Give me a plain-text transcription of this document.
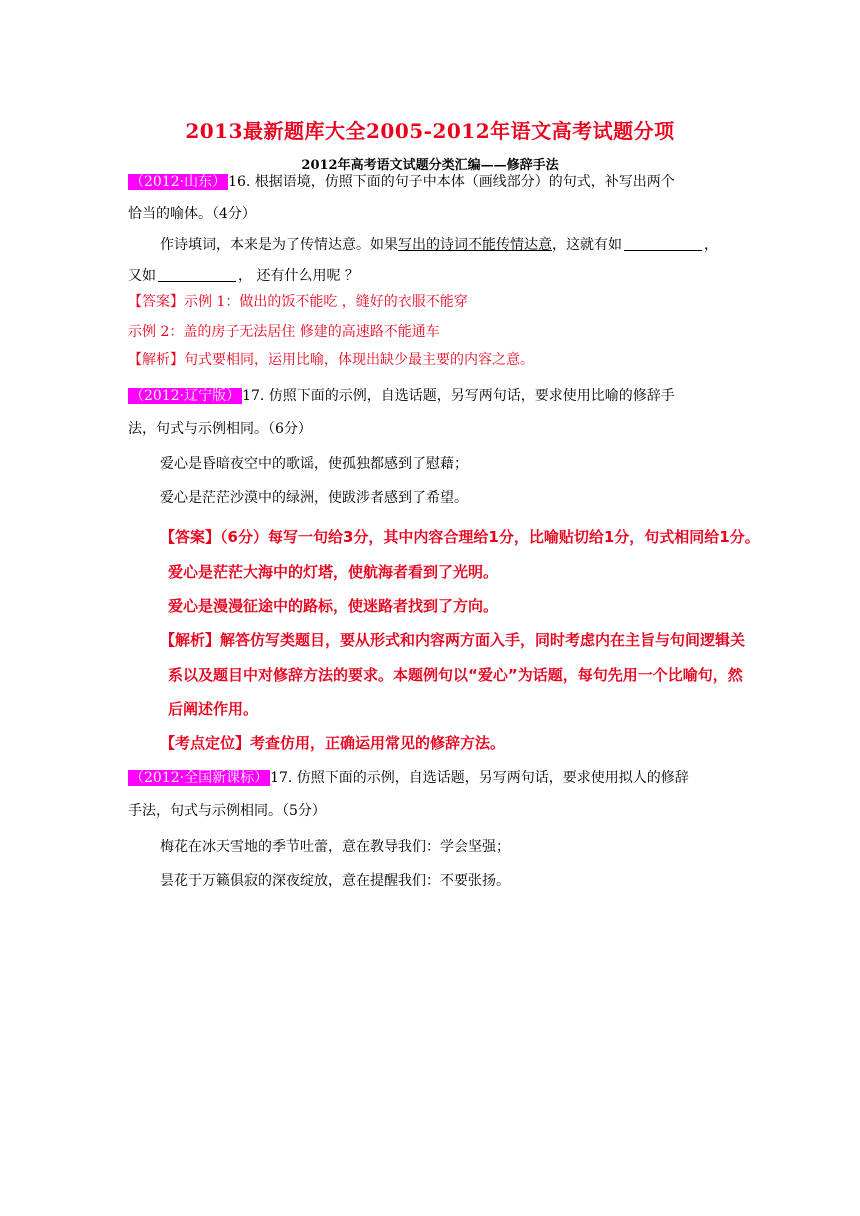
2013最新题库大全2005-2012年语文高考试题分项
2012年高考语文试题分类汇编——修辞手法
（2012·山东） 16. 根据语境，仿照下面的句子中本体（画线部分）的句式，补写出两个
恰当的喻体。（4分）
作诗填词，本来是为了传情达意。如果写出的诗词不能传情达意，这就有如	，
又如	， 还有什么用呢 ？
【答案】示例 1：做出的饭不能吃 ，缝好的衣服不能穿
示例 2：盖的房子无法居住 修建的高速路不能通车
【解析】句式要相同，运用比喻，体现出缺少最主要的内容之意。
（2012·辽宁版） 17. 仿照下面的示例，自选话题，另写两句话，要求使用比喻的修辞手
法，句式与示例相同。（6分）
爱心是昏暗夜空中的歌谣，使孤独都感到了慰藉；
爱心是茫茫沙漠中的绿洲，使跋涉者感到了希望。
【答案】（6分）每写一句给3分，其中内容合理给1分，比喻贴切给1分，句式相同给1分。
爱心是茫茫大海中的灯塔，使航海者看到了光明。
爱心是漫漫征途中的路标，使迷路者找到了方向。
【解析】解答仿写类题目，要从形式和内容两方面入手，同时考虑内在主旨与句间逻辑关
系以及题目中对修辞方法的要求。本题例句以“爱心”为话题，每句先用一个比喻句，然
后阐述作用。
【考点定位】考查仿用，正确运用常见的修辞方法。
（2012·全国新课标） 17. 仿照下面的示例，自选话题，另写两句话，要求使用拟人的修辞
手法，句式与示例相同。（5分）
梅花在冰天雪地的季节吐蕾，意在教导我们：学会坚强；
昙花于万籁俱寂的深夜绽放，意在提醒我们：不要张扬。
